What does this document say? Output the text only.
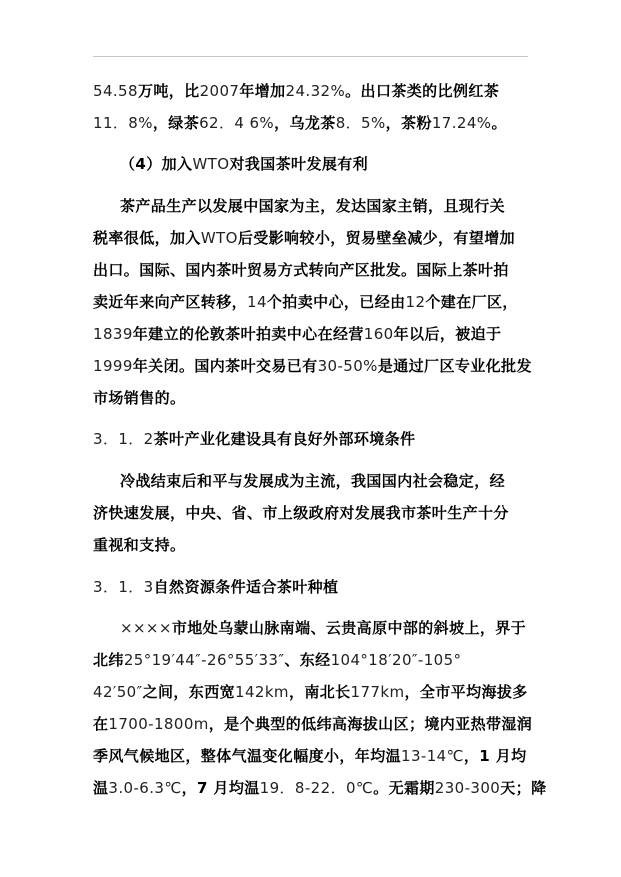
54.58万吨，比2007年增加24.32%。出口茶类的比例红茶
11．8%，绿茶62．4 6%，乌龙茶8．5%，茶粉17.24%。
（4）加入WTO对我国茶叶发展有利
茶产品生产以发展中国家为主，发达国家主销，且现行关
税率很低，加入WTO后受影响较小，贸易壁垒减少，有望增加
出口。国际、国内茶叶贸易方式转向产区批发。国际上茶叶拍
卖近年来向产区转移，14个拍卖中心，已经由12个建在厂区，
1839年建立的伦敦茶叶拍卖中心在经营160年以后，被迫于
1999年关闭。国内茶叶交易已有30-50%是通过厂区专业化批发
市场销售的。
3．1．2茶叶产业化建设具有良好外部环境条件
冷战结束后和平与发展成为主流，我国国内社会稳定，经
济快速发展，中央、省、市上级政府对发展我市茶叶生产十分
重视和支持。
3．1．3自然资源条件适合茶叶种植
××××市地处乌蒙山脉南端、云贵高原中部的斜坡上，界于
北纬25°19′44″-26°55′33″、东经104°18′20″-105°
42′50″之间，东西宽142km，南北长177km，全市平均海拔多
在1700-1800m，是个典型的低纬高海拔山区；境内亚热带湿润
季风气候地区，整体气温变化幅度小，年均温13-14℃，1 月均
温3.0-6.3℃，7 月均温19．8-22．0℃。无霜期230-300天；降
